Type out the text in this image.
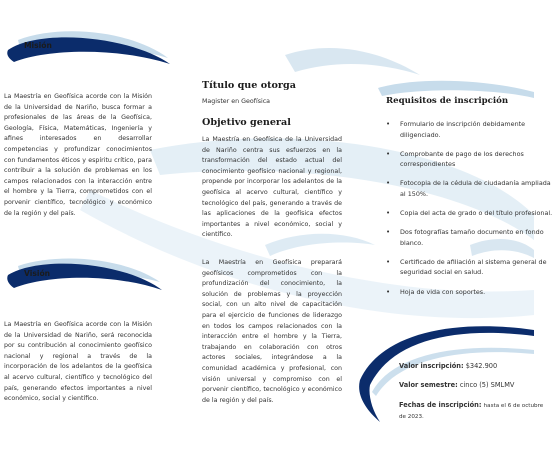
Misión
La Maestría en Geofísica acorde con la Misión de la Universidad de Nariño, busca formar a profesionales de las áreas de la Geofísica, Geología, Física, Matemáticas, Ingeniería y afines interesados en desarrollar competencias y profundizar conocimientos con fundamentos éticos y espíritu crítico, para contribuir a la solución de problemas en los campos relacionados con la interacción entre el hombre y la Tierra, comprometidos con el porvenir científico, tecnológico y económico de la región y del país.
Visión
La Maestría en Geofísica acorde con la Misión de la Universidad de Nariño, será reconocida por su contribución al conocimiento geofísico nacional y regional a través de la incorporación de los adelantos de la geofísica al acervo cultural, científico y tecnológico del país, generando efectos importantes a nivel económico, social y científico.
Título que otorga
Magister en Geofísica
Objetivo general
La Maestría en Geofísica de la Universidad de Nariño centra sus esfuerzos en la transformación del estado actual del conocimiento geofísico nacional y regional, propende por incorporar los adelantos de la geofísica al acervo cultural, científico y tecnológico del país, generando a través de las aplicaciones de la geofísica efectos importantes a nivel económico, social y científico.
La Maestría en Geofísica preparará geofísicos comprometidos con la profundización del conocimiento, la solución de problemas y la proyección social, con un alto nivel de capacitación para el ejercicio de funciones de liderazgo en todos los campos relacionados con la interacción entre el hombre y la Tierra, trabajando en colaboración con otros actores sociales, integrándose a la comunidad académica y profesional, con visión universal y compromiso con el porvenir científico, tecnológico y económico de la región y del país.
Requisitos de inscripción
• Formulario de inscripción debidamente diligenciado.
• Comprobante de pago de los derechos correspondientes
• Fotocopia de la cédula de ciudadanía ampliada al 150%.
• Copia del acta de grado o del título profesional.
• Dos fotografías tamaño documento en fondo blanco.
• Certificado de afiliación al sistema general de seguridad social en salud.
• Hoja de vida con soportes.
Valor inscripción: $342.900
Valor semestre: cinco (5) SMLMV
Fechas de inscripción: hasta el 6 de octubre de 2023.
